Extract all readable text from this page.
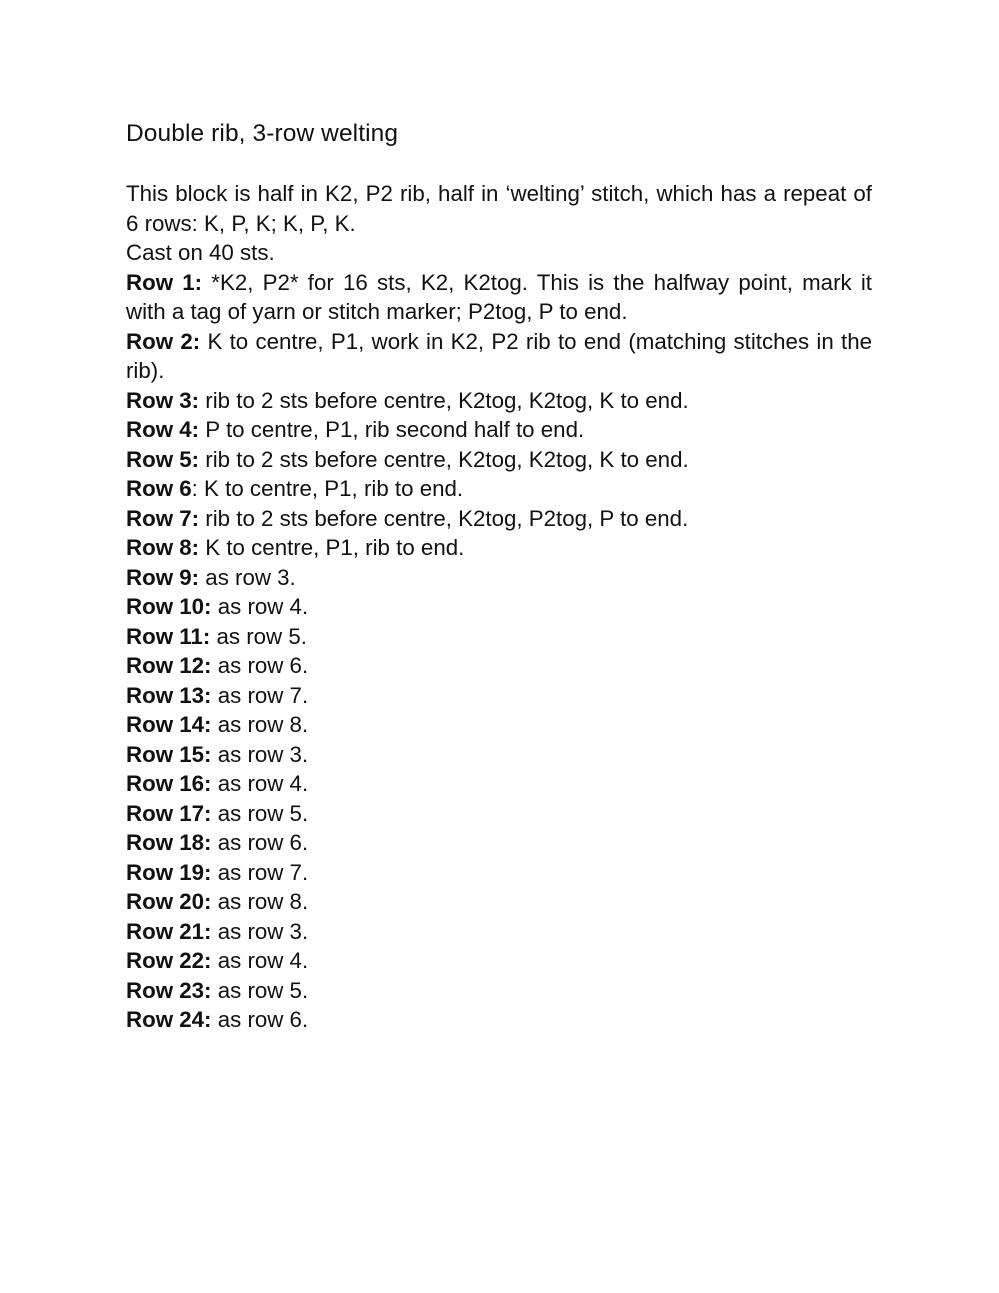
Double rib, 3-row welting

This block is half in K2, P2 rib, half in ‘welting’ stitch, which has a repeat of 6 rows: K, P, K; K, P, K.

Cast on 40 sts.

Row 1: *K2, P2* for 16 sts, K2, K2tog. This is the halfway point, mark it with a tag of yarn or stitch marker; P2tog, P to end.

Row 2: K to centre, P1, work in K2, P2 rib to end (matching stitches in the rib).

Row 3: rib to 2 sts before centre, K2tog, K2tog, K to end.

Row 4: P to centre, P1, rib second half to end.

Row 5: rib to 2 sts before centre, K2tog, K2tog, K to end.

Row 6: K to centre, P1, rib to end.

Row 7: rib to 2 sts before centre, K2tog, P2tog, P to end.

Row 8: K to centre, P1, rib to end.

Row 9: as row 3.

Row 10: as row 4.

Row 11: as row 5.

Row 12: as row 6.

Row 13: as row 7.

Row 14: as row 8.

Row 15: as row 3.

Row 16: as row 4.

Row 17: as row 5.

Row 18: as row 6.

Row 19: as row 7.

Row 20: as row 8.

Row 21: as row 3.

Row 22: as row 4.

Row 23: as row 5.

Row 24: as row 6.
